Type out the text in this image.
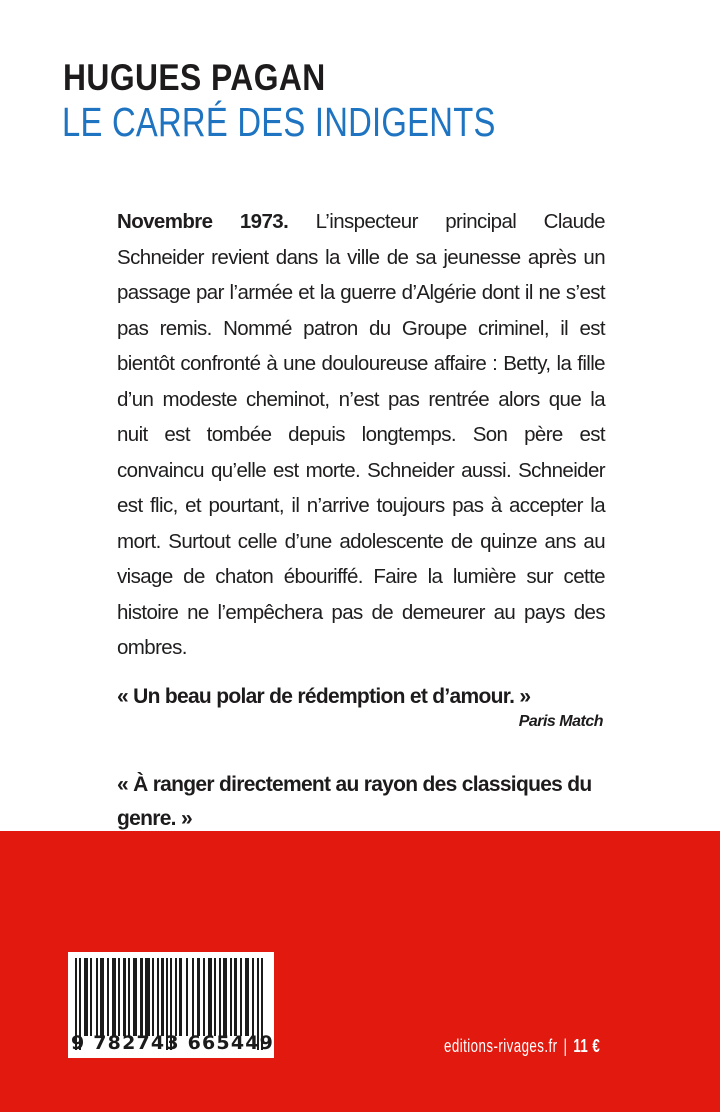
HUGUES PAGAN
LE CARRÉ DES INDIGENTS
Novembre 1973. L’inspecteur principal Claude Schneider revient dans la ville de sa jeunesse après un passage par l’armée et la guerre d’Algérie dont il ne s’est pas remis. Nommé patron du Groupe criminel, il est bientôt confronté à une douloureuse affaire : Betty, la fille d’un modeste cheminot, n’est pas rentrée alors que la nuit est tombée depuis longtemps. Son père est convaincu qu’elle est morte. Schneider aussi. Schneider est flic, et pourtant, il n’arrive toujours pas à accepter la mort. Surtout celle d’une adolescente de quinze ans au visage de chaton ébouriffé. Faire la lumière sur cette histoire ne l’empêchera pas de demeurer au pays des ombres.
« Un beau polar de rédemption et d’amour. »
Paris Match
« À ranger directement au rayon des classiques du genre. »
9 782743 665449	editions-rivages.fr | 11 €
